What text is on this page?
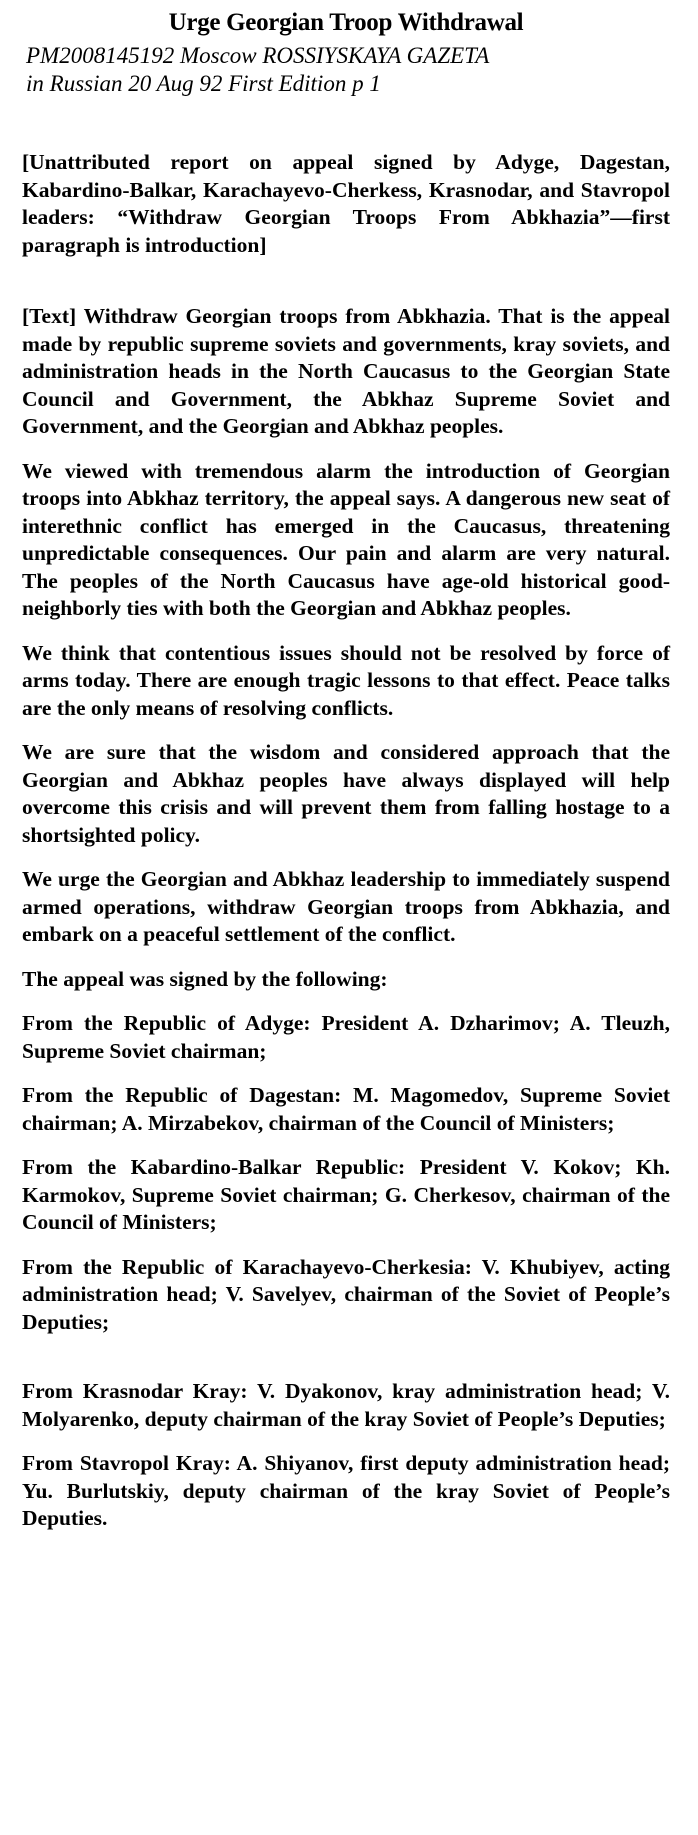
Urge Georgian Troop Withdrawal
PM2008145192 Moscow ROSSIYSKAYA GAZETA
in Russian 20 Aug 92 First Edition p 1

[Unattributed report on appeal signed by Adyge, Dagestan, Kabardino-Balkar, Karachayevo-Cherkess, Krasnodar, and Stavropol leaders: “Withdraw Georgian Troops From Abkhazia”—first paragraph is introduction]

[Text] Withdraw Georgian troops from Abkhazia. That is the appeal made by republic supreme soviets and governments, kray soviets, and administration heads in the North Caucasus to the Georgian State Council and Government, the Abkhaz Supreme Soviet and Government, and the Georgian and Abkhaz peoples.

We viewed with tremendous alarm the introduction of Georgian troops into Abkhaz territory, the appeal says. A dangerous new seat of interethnic conflict has emerged in the Caucasus, threatening unpredictable consequences. Our pain and alarm are very natural. The peoples of the North Caucasus have age-old historical good-neighborly ties with both the Georgian and Abkhaz peoples.

We think that contentious issues should not be resolved by force of arms today. There are enough tragic lessons to that effect. Peace talks are the only means of resolving conflicts.

We are sure that the wisdom and considered approach that the Georgian and Abkhaz peoples have always displayed will help overcome this crisis and will prevent them from falling hostage to a shortsighted policy.

We urge the Georgian and Abkhaz leadership to immediately suspend armed operations, withdraw Georgian troops from Abkhazia, and embark on a peaceful settlement of the conflict.

The appeal was signed by the following:

From the Republic of Adyge: President A. Dzharimov; A. Tleuzh, Supreme Soviet chairman;

From the Republic of Dagestan: M. Magomedov, Supreme Soviet chairman; A. Mirzabekov, chairman of the Council of Ministers;

From the Kabardino-Balkar Republic: President V. Kokov; Kh. Karmokov, Supreme Soviet chairman; G. Cherkesov, chairman of the Council of Ministers;

From the Republic of Karachayevo-Cherkesia: V. Khubiyev, acting administration head; V. Savelyev, chairman of the Soviet of People’s Deputies;

From Krasnodar Kray: V. Dyakonov, kray administration head; V. Molyarenko, deputy chairman of the kray Soviet of People’s Deputies;

From Stavropol Kray: A. Shiyanov, first deputy administration head; Yu. Burlutskiy, deputy chairman of the kray Soviet of People’s Deputies.
